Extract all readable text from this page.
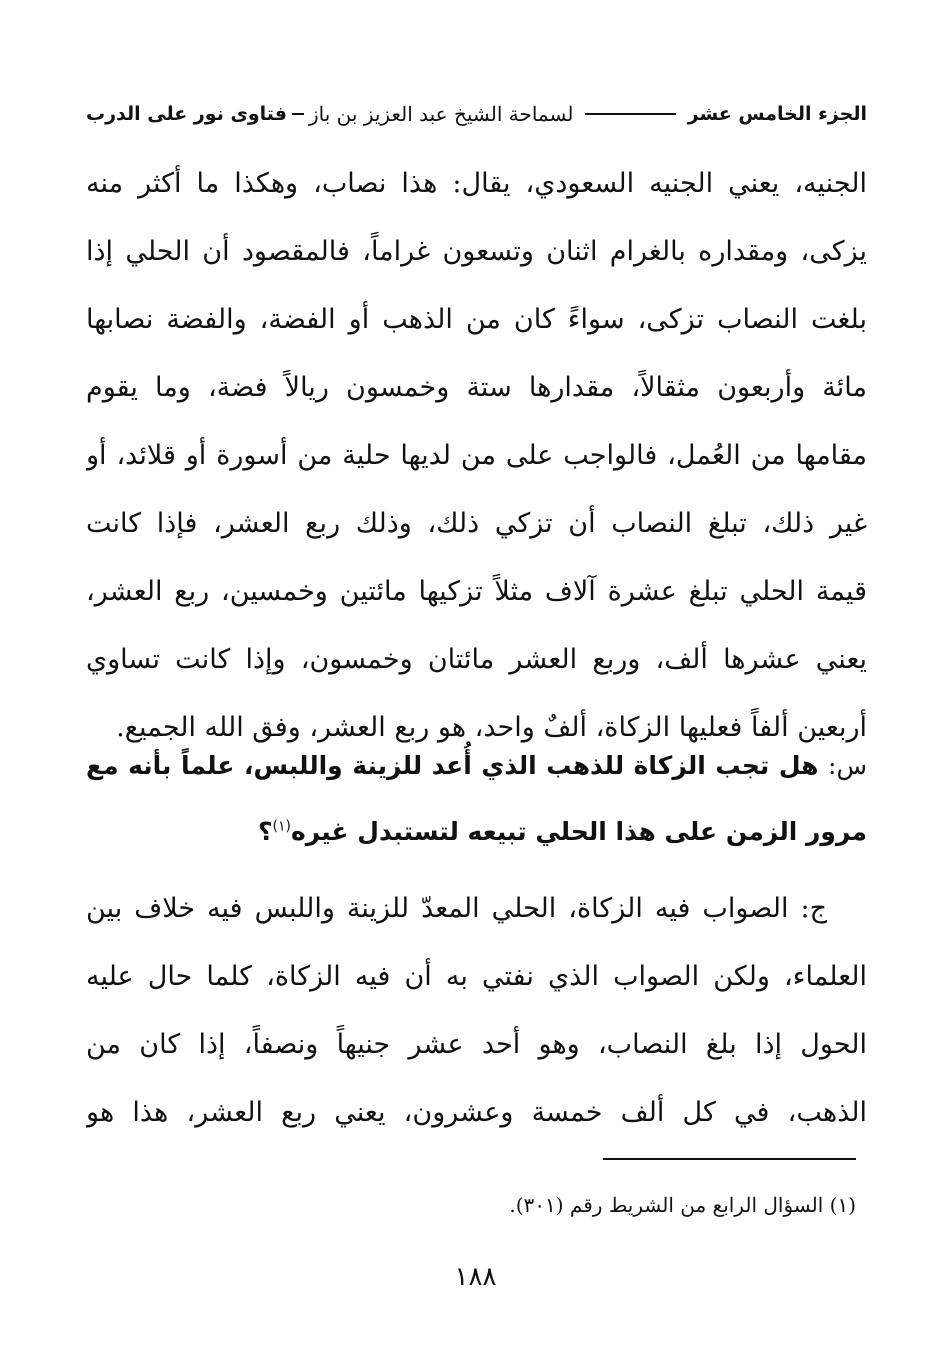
الجزء الخامس عشر
لسماحة الشيخ عبد العزيز بن باز
فتاوى نور على الدرب
الجنيه، يعني الجنيه السعودي، يقال: هذا نصاب، وهكذا ما أكثر منه
يزكى، ومقداره بالغرام اثنان وتسعون غراماً، فالمقصود أن الحلي إذا
بلغت النصاب تزكى، سواءً كان من الذهب أو الفضة، والفضة نصابها
مائة وأربعون مثقالاً، مقدارها ستة وخمسون ريالاً فضة، وما يقوم
مقامها من العُمل، فالواجب على من لديها حلية من أسورة أو قلائد، أو
غير ذلك، تبلغ النصاب أن تزكي ذلك، وذلك ربع العشر، فإذا كانت
قيمة الحلي تبلغ عشرة آلاف مثلاً تزكيها مائتين وخمسين، ربع العشر،
يعني عشرها ألف، وربع العشر مائتان وخمسون، وإذا كانت تساوي
أربعين ألفاً فعليها الزكاة، ألفٌ واحد، هو ربع العشر، وفق الله الجميع.
س: هل تجب الزكاة للذهب الذي أُعد للزينة واللبس، علماً بأنه مع
مرور الزمن على هذا الحلي تبيعه لتستبدل غيره$^{(١)}$؟
ج: الصواب فيه الزكاة، الحلي المعدّ للزينة واللبس فيه خلاف بين
العلماء، ولكن الصواب الذي نفتي به أن فيه الزكاة، كلما حال عليه
الحول إذا بلغ النصاب، وهو أحد عشر جنيهاً ونصفاً، إذا كان من
الذهب، في كل ألف خمسة وعشرون، يعني ربع العشر، هذا هو
(١) السؤال الرابع من الشريط رقم (٣٠١).
١٨٨
